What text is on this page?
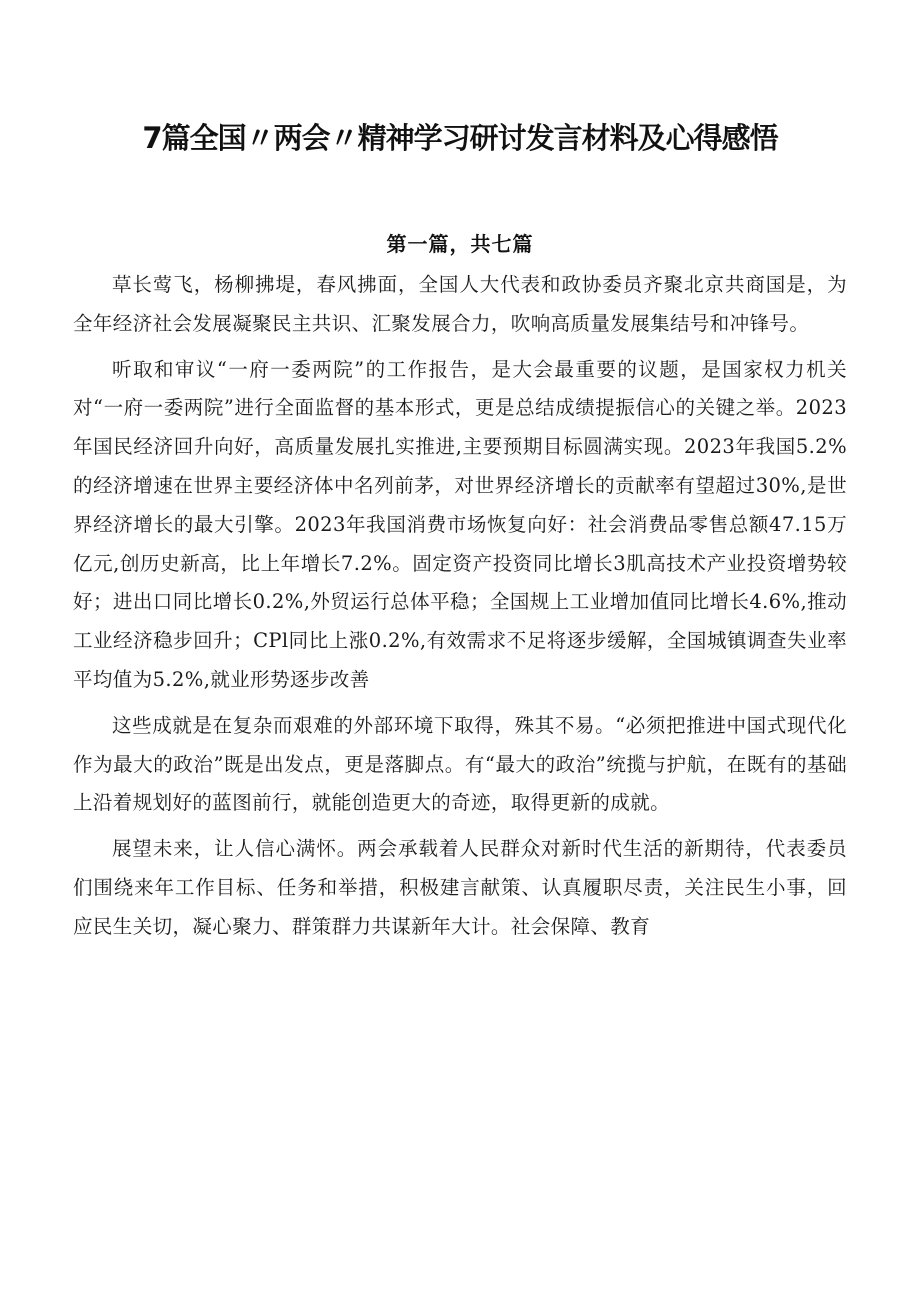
7篇全国〃两会〃精神学习研讨发言材料及心得感悟
第一篇，共七篇

草长莺飞，杨柳拂堤，春风拂面，全国人大代表和政协委员齐聚北京共商国是，为全年经济社会发展凝聚民主共识、汇聚发展合力，吹响高质量发展集结号和冲锋号。

听取和审议“一府一委两院”的工作报告，是大会最重要的议题，是国家权力机关对“一府一委两院”进行全面监督的基本形式，更是总结成绩提振信心的关键之举。2023年国民经济回升向好，高质量发展扎实推进,主要预期目标圆满实现。2023年我国5.2%的经济增速在世界主要经济体中名列前茅，对世界经济增长的贡献率有望超过30%,是世界经济增长的最大引擎。2023年我国消费市场恢复向好：社会消费品零售总额47.15万亿元,创历史新高，比上年增长7.2%。固定资产投资同比增长3肌高技术产业投资增势较好；进出口同比增长0.2%,外贸运行总体平稳；全国规上工业增加值同比增长4.6%,推动工业经济稳步回升；CPl同比上涨0.2%,有效需求不足将逐步缓解，全国城镇调查失业率平均值为5.2%,就业形势逐步改善

这些成就是在复杂而艰难的外部环境下取得，殊其不易。“必须把推进中国式现代化作为最大的政治”既是出发点，更是落脚点。有“最大的政治”统揽与护航，在既有的基础上沿着规划好的蓝图前行，就能创造更大的奇迹，取得更新的成就。

展望未来，让人信心满怀。两会承载着人民群众对新时代生活的新期待，代表委员们围绕来年工作目标、任务和举措，积极建言献策、认真履职尽责，关注民生小事，回应民生关切，凝心聚力、群策群力共谋新年大计。社会保障、教育
